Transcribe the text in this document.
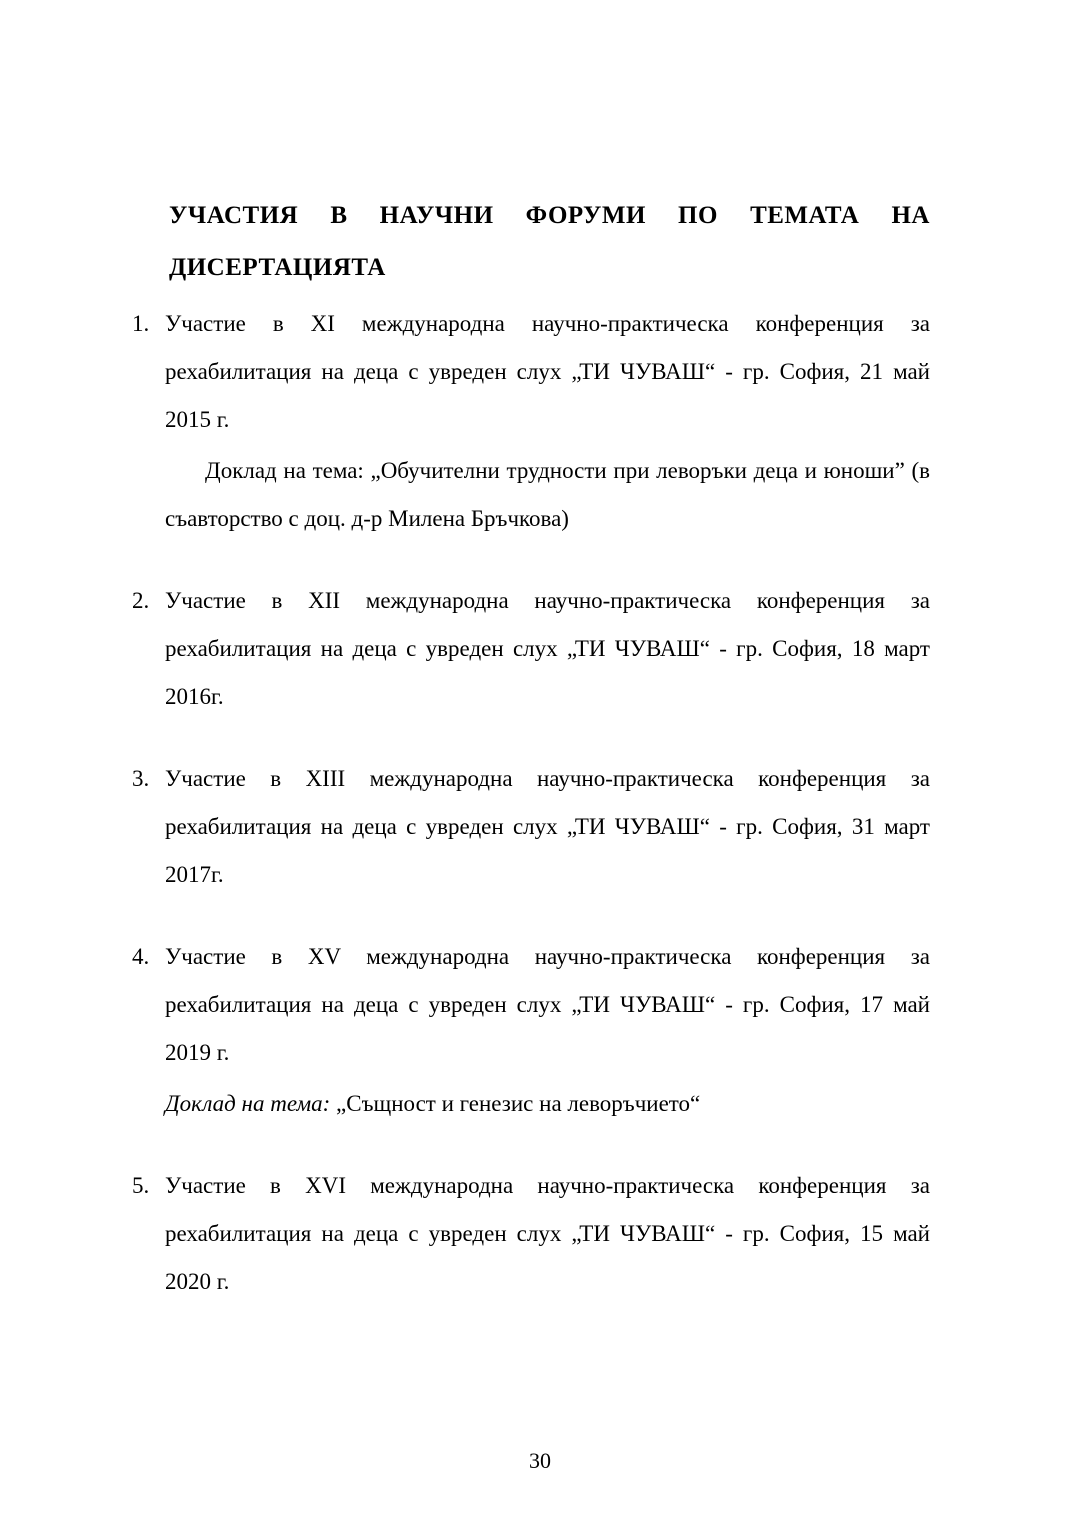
УЧАСТИЯ В НАУЧНИ ФОРУМИ ПО ТЕМАТА НА ДИСЕРТАЦИЯТА
1. Участие в XI международна научно-практическа конференция за рехабилитация на деца с увреден слух „ТИ ЧУВАШ“ - гр. София, 21 май 2015 г.

Доклад на тема: „Обучителни трудности при леворъки деца и юноши” (в съавторство с доц. д-р Милена Бръчкова)

2. Участие в XII международна научно-практическа конференция за рехабилитация на деца с увреден слух „ТИ ЧУВАШ“ - гр. София, 18 март 2016г.

3. Участие в XIII международна научно-практическа конференция за рехабилитация на деца с увреден слух „ТИ ЧУВАШ“ - гр. София, 31 март 2017г.

4. Участие в XV международна научно-практическа конференция за рехабилитация на деца с увреден слух „ТИ ЧУВАШ“ - гр. София, 17 май 2019 г.

Доклад на тема: „Същност и генезис на леворъчието“

5. Участие в XVI международна научно-практическа конференция за рехабилитация на деца с увреден слух „ТИ ЧУВАШ“ - гр. София, 15 май 2020 г.

30
